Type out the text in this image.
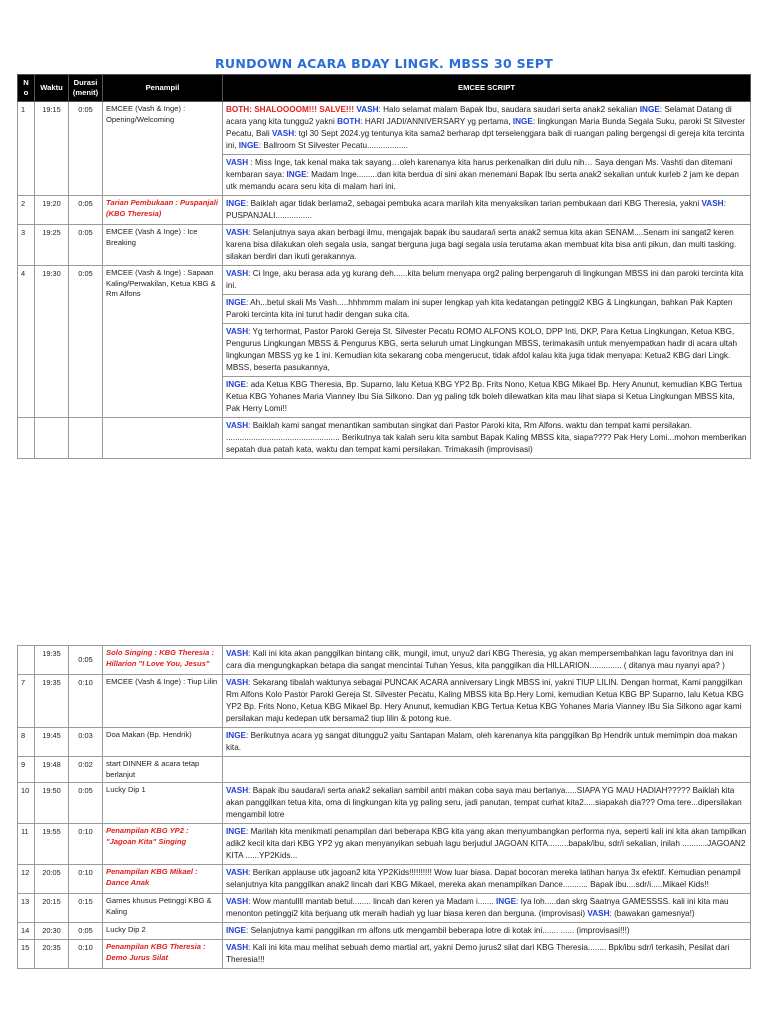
RUNDOWN ACARA BDAY LINGK. MBSS 30 SEPT
No	Waktu	Durasi (menit)	Penampil	EMCEE SCRIPT
1	19:15	0:05	EMCEE (Vash & Inge) : Opening/Welcoming	BOTH: SHALOOOOM!!! SALVE!!! VASH: Halo selamat malam Bapak Ibu, saudara saudari serta anak2 sekalian INGE: Selamat Datang di acara yang kita tunggu2 yakni BOTH: HARI JADI/ANNIVERSARY yg pertama, INGE: lingkungan Maria Bunda Segala Suku, paroki St Silvester Pecatu, Bali VASH: tgl 30 Sept 2024.yg tentunya kita sama2 berharap dpt terselenggara baik di ruangan paling bergengsi di gereja kita tercinta ini, INGE: Ballroom St Silvester Pecatu..................
				VASH : Miss Inge, tak kenal maka tak sayang…oleh karenanya kita harus perkenalkan diri dulu nih… Saya dengan Ms. Vashti dan ditemani kembaran saya: INGE: Madam Inge.........dan kita berdua di sini akan menemani Bapak Ibu serta anak2 sekalian untuk kurleb 2 jam ke depan utk memandu acara seru kita di malam hari ini.
2	19:20	0:05	Tarian Pembukaan : Puspanjali (KBG Theresia)	INGE: Baiklah agar tidak berlama2, sebagai pembuka acara marilah kita menyaksikan tarian pembukaan dari KBG Theresia, yakni VASH: PUSPANJALI................
3	19:25	0:05	EMCEE (Vash & Inge) : Ice Breaking	VASH: Selanjutnya saya akan berbagi ilmu, mengajak bapak ibu saudara/i serta anak2 semua kita akan SENAM....Senam ini sangat2 keren karena bisa dilakukan oleh segala usia, sangat berguna juga bagi segala usia terutama akan membuat kita bisa anti pikun, dan multi tasking. silakan berdiri dan ikuti gerakannya.
4	19:30	0:05	EMCEE (Vash & Inge) : Sapaan Kaling/Perwakilan, Ketua KBG & Rm Alfons	VASH: Ci Inge, aku berasa ada yg kurang deh......kita belum menyapa org2 paling berpengaruh di lingkungan MBSS ini dan paroki tercinta kita ini.
				INGE: Ah...betul skali Ms Vash.....hhhmmm malam ini super lengkap yah kita kedatangan petinggi2 KBG & Lingkungan, bahkan Pak Kapten Paroki tercinta kita ini turut hadir dengan suka cita.
				VASH: Yg terhormat, Pastor Paroki Gereja St. Silvester Pecatu ROMO ALFONS KOLO, DPP Inti, DKP, Para Ketua Lingkungan, Ketua KBG, Pengurus Lingkungan MBSS & Pengurus KBG, serta seluruh umat Lingkungan MBSS, terimakasih untuk menyempatkan hadir di acara ultah lingkungan MBSS yg ke 1 ini. Kemudian kita sekarang coba mengerucut, tidak afdol kalau kita juga tidak menyapa: Ketua2 KBG dari Lingk. MBSS, beserta pasukannya,
				INGE: ada Ketua KBG Theresia, Bp. Suparno, lalu Ketua KBG YP2 Bp. Frits Nono, Ketua KBG Mikael Bp. Hery Anunut, kemudian KBG Tertua Ketua KBG Yohanes Maria Vianney Ibu Sia Silkono. Dan yg paling tdk boleh dilewatkan kita mau lihat siapa si Ketua Lingkungan MBSS kita, Pak Herry Lomi!!
				VASH: Baiklah kami sangat menantikan sambutan singkat dari Pastor Paroki kita, Rm Alfons. waktu dan tempat kami persilakan. .................................................. Berikutnya tak kalah seru kita sambut Bapak Kaling MBSS kita, siapa???? Pak Hery Lomi...mohon memberikan sepatah dua patah kata, waktu dan tempat kami persilakan. Trimakasih (improvisasi)
	19:35	0:05	Solo Singing : KBG Theresia : Hillarion "I Love You, Jesus"	VASH: Kali ini kita akan panggilkan bintang cilik, mungil, imut, unyu2 dari KBG Theresia, yg akan mempersembahkan lagu favoritnya dan ini cara dia mengungkapkan betapa dia sangat mencintai Tuhan Yesus, kita panggilkan dia HILLARION.............. ( ditanya mau nyanyi apa? )
7	19:35	0:10	EMCEE (Vash & Inge) : Tiup Lilin	VASH: Sekarang tibalah waktunya sebagai PUNCAK ACARA anniversary Lingk MBSS ini, yakni TIUP LILIN. Dengan hormat, Kami panggilkan Rm Alfons Kolo Pastor Paroki Gereja St. Silvester Pecatu, Kaling MBSS kita Bp.Hery Lomi, kemudian Ketua KBG BP Suparno, lalu Ketua KBG YP2 Bp. Frits Nono, Ketua KBG Mikael Bp. Hery Anunut, kemudian KBG Tertua Ketua KBG Yohanes Maria Vianney IBu Sia Silkono agar kami persilakan maju kedepan utk bersama2 tiup lilin & potong kue.
8	19:45	0:03	Doa Makan (Bp. Hendrik)	INGE: Berikutnya acara yg sangat ditunggu2 yaitu Santapan Malam, oleh karenanya kita panggilkan Bp Hendrik untuk memimpin doa makan kita.
9	19:48	0:02	start DINNER & acara tetap berlanjut	
10	19:50	0:05	Lucky Dip 1	VASH: Bapak ibu saudara/i serta anak2 sekalian sambil antri makan coba saya mau bertanya.....SIAPA YG MAU HADIAH????? Baiklah kita akan panggilkan tetua kita, oma di lingkungan kita yg paling seru, jadi panutan, tempat curhat kita2.....siapakah dia??? Oma tere...dipersilakan mengambil lotre
11	19:55	0:10	Penampilan KBG YP2 : "Jagoan Kita" Singing	INGE: Marilah kita menikmati penampilan dari beberapa KBG kita yang akan menyumbangkan performa nya, seperti kali ini kita akan tampilkan adik2 kecil kita dari KBG YP2 yg akan menyanyikan sebuah lagu berjudul JAGOAN KITA.........bapak/ibu, sdr/i sekalian, inilah ...........JAGOAN2 KITA ......YP2Kids...
12	20:05	0:10	Penampilan KBG Mikael : Dance Anak	VASH: Berikan applause utk jagoan2 kita YP2Kids!!!!!!!!!! Wow luar biasa. Dapat bocoran mereka latihan hanya 3x efektif. Kemudian penampil selanjutnya kita panggilkan anak2 lincah dari KBG Mikael, mereka akan menampilkan Dance........... Bapak ibu....sdr/i.....Mikael Kids!!
13	20:15	0:15	Games khusus Petinggi KBG & Kaling	VASH: Wow mantullll mantab betul........ lincah dan keren ya Madam i....... INGE: Iya loh.....dan skrg Saatnya GAMESSSS. kali ini kita mau menonton petinggi2 kita berjuang utk meraih hadiah yg luar biasa keren dan berguna. (improvisasi) VASH: (bawakan gamesnya!)
14	20:30	0:05	Lucky Dip 2	INGE: Selanjutnya kami panggilkan rm alfons utk mengambil beberapa lotre di kotak ini....... ...... (improvisasi!!!)
15	20:35	0:10	Penampilan KBG Theresia : Demo Jurus Silat	VASH: Kali ini kita mau melihat sebuah demo martial art, yakni Demo jurus2 silat dari KBG Theresia........ Bpk/ibu sdr/i terkasih, Pesilat dari Theresia!!!
